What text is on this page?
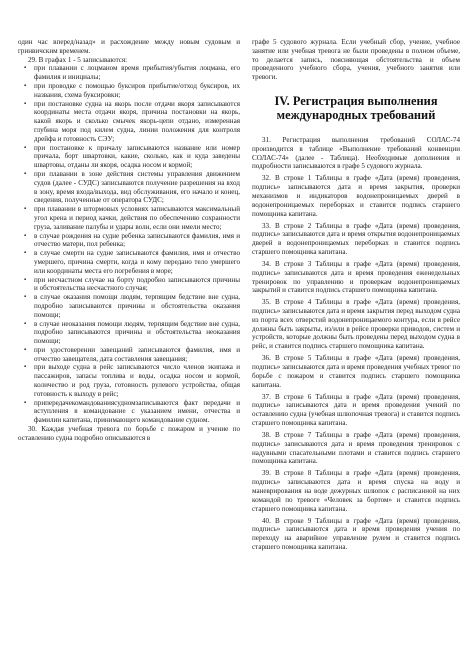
один час вперед/назад» и расхождение между новым судовым и гринвичским временем.

29. В графах 1 - 5 записываются:

▪ при плавании с лоцманом время прибытия/убытия лоцмана, его фамилия и инициалы;
▪ при проводке с помощью буксиров прибытие/отход буксиров, их названия, схема буксировки;
▪ при постановке судна на якорь после отдачи якоря записываются координаты места отдачи якоря, причина постановки на якорь, какой якорь и сколько смычек якорь-цепи отдано, измеренная глубина моря под килем судна, линии положения для контроля дрейфа и готовность СЭУ;
▪ при постановке к причалу записываются название или номер причала, борт швартовки, какие, сколько, как и куда заведены швартовы, отданы ли якоря, осадка носом и кормой;
▪ при плавании в зоне действия системы управления движением судов (далее - СУДС) записываются получение разрешения на вход в зону, время входа/выхода, вид обслуживания, его начало и конец, сведения, полученные от оператора СУДС;
▪ при плавании в штормовых условиях записываются максимальный угол крена и период качки, действия по обеспечению сохранности груза, заливание палубы и удары волн, если они имели место;
▪ в случае рождения на судне ребенка записываются фамилия, имя и отчество матери, пол ребенка;
▪ в случае смерти на судне записываются фамилия, имя и отчество умершего, причина смерти, когда и кому передано тело умершего или координаты места его погребения в море;
▪ при несчастном случае на борту подробно записываются причины и обстоятельства несчастного случая;
▪ в случае оказания помощи людям, терпящим бедствие вне судна, подробно записываются причины и обстоятельства оказания помощи;
▪ в случае неоказания помощи людям, терпящим бедствие вне судна, подробно записываются причины и обстоятельства неоказания помощи;
▪ при удостоверении завещаний записываются фамилия, имя и отчество завещателя, дата составления завещания;
▪ при выходе судна в рейс записываются число членов экипажа и пассажиров, запасы топлива и воды, осадка носом и кормой, количество и род груза, готовность рулевого устройства, общая готовность к выходу в рейс;
▪ припередачекомандованиясудномзаписываются факт передачи и вступления в командование с указанием имени, отчества и фамилии капитана, принимающего командование судном.

30. Каждая учебная тревога по борьбе с пожаром и учение по оставлению судна подробно описываются в

графе 5 судового журнала. Если учебный сбор, учение, учебное занятие или учебная тревога не были проведены в полном объеме, то делается запись, поясняющая обстоятельства и объем проведенного учебного сбора, учения, учебного занятия или тревоги.

IV. Регистрация выполнения
международных требований

31. Регистрация выполнения требований СОЛАС-74 производится в таблице «Выполнение требований конвенции СОЛАС-74» (далее - Таблица). Необходимые дополнения и подробности записываются в графе 5 судового журнала.

32. В строке 1 Таблицы в графе «Дата (время) проведения, подпись» записываются дата и время закрытия, проверки механизмов и индикаторов водонепроницаемых дверей в водонепроницаемых переборках и ставится подпись старшего помощника капитана.

33. В строке 2 Таблицы в графе «Дата (время) проведения, подпись» записываются дата и время открытия водонепроницаемых дверей в водонепроницаемых переборках и ставится подпись старшего помощника капитана.

34. В строке 3 Таблицы в графе «Дата (время) проведения, подпись» записываются дата и время проведения еженедельных тренировок по управлению и проверкам водонепроницаемых закрытий и ставится подпись старшего помощника капитана.

35. В строке 4 Таблицы в графе «Дата (время) проведения, подпись» записываются дата и время закрытия перед выходом судна из порта всех отверстий водонепроницаемого контура, если в рейсе должны быть закрыты, из/или в рейсе проверки приводов, систем и устройств, которые должны быть проведены перед выходом судна в рейс, и ставится подпись старшего помощника капитана.

36. В строке 5 Таблицы в графе «Дата (время) проведения, подпись» записываются дата и время проведения учебных тревог по борьбе с пожаром и ставится подпись старшего помощника капитана.

37. В строке 6 Таблицы в графе «Дата (время) проведения, подпись» записываются дата и время проведения учений по оставлению судна (учебная шлюпочная тревога) и ставится подпись старшего помощника капитана.

38. В строке 7 Таблицы в графе «Дата (время) проведения, подпись» записываются дата и время проведения тренировок с надувными спасательными плотами и ставится подпись старшего помощника капитана.

39. В строке 8 Таблицы в графе «Дата (время) проведения, подпись» записываются дата и время спуска на воду и маневрирования на воде дежурных шлюпок с расписанной на них командой по тревоге «Человек за бортом» и ставится подпись старшего помощника капитана.

40. В строке 9 Таблицы в графе «Дата (время) проведения, подпись» записываются дата и время проведения учения по переходу на аварийное управление рулем и ставится подпись старшего помощника капитана.
